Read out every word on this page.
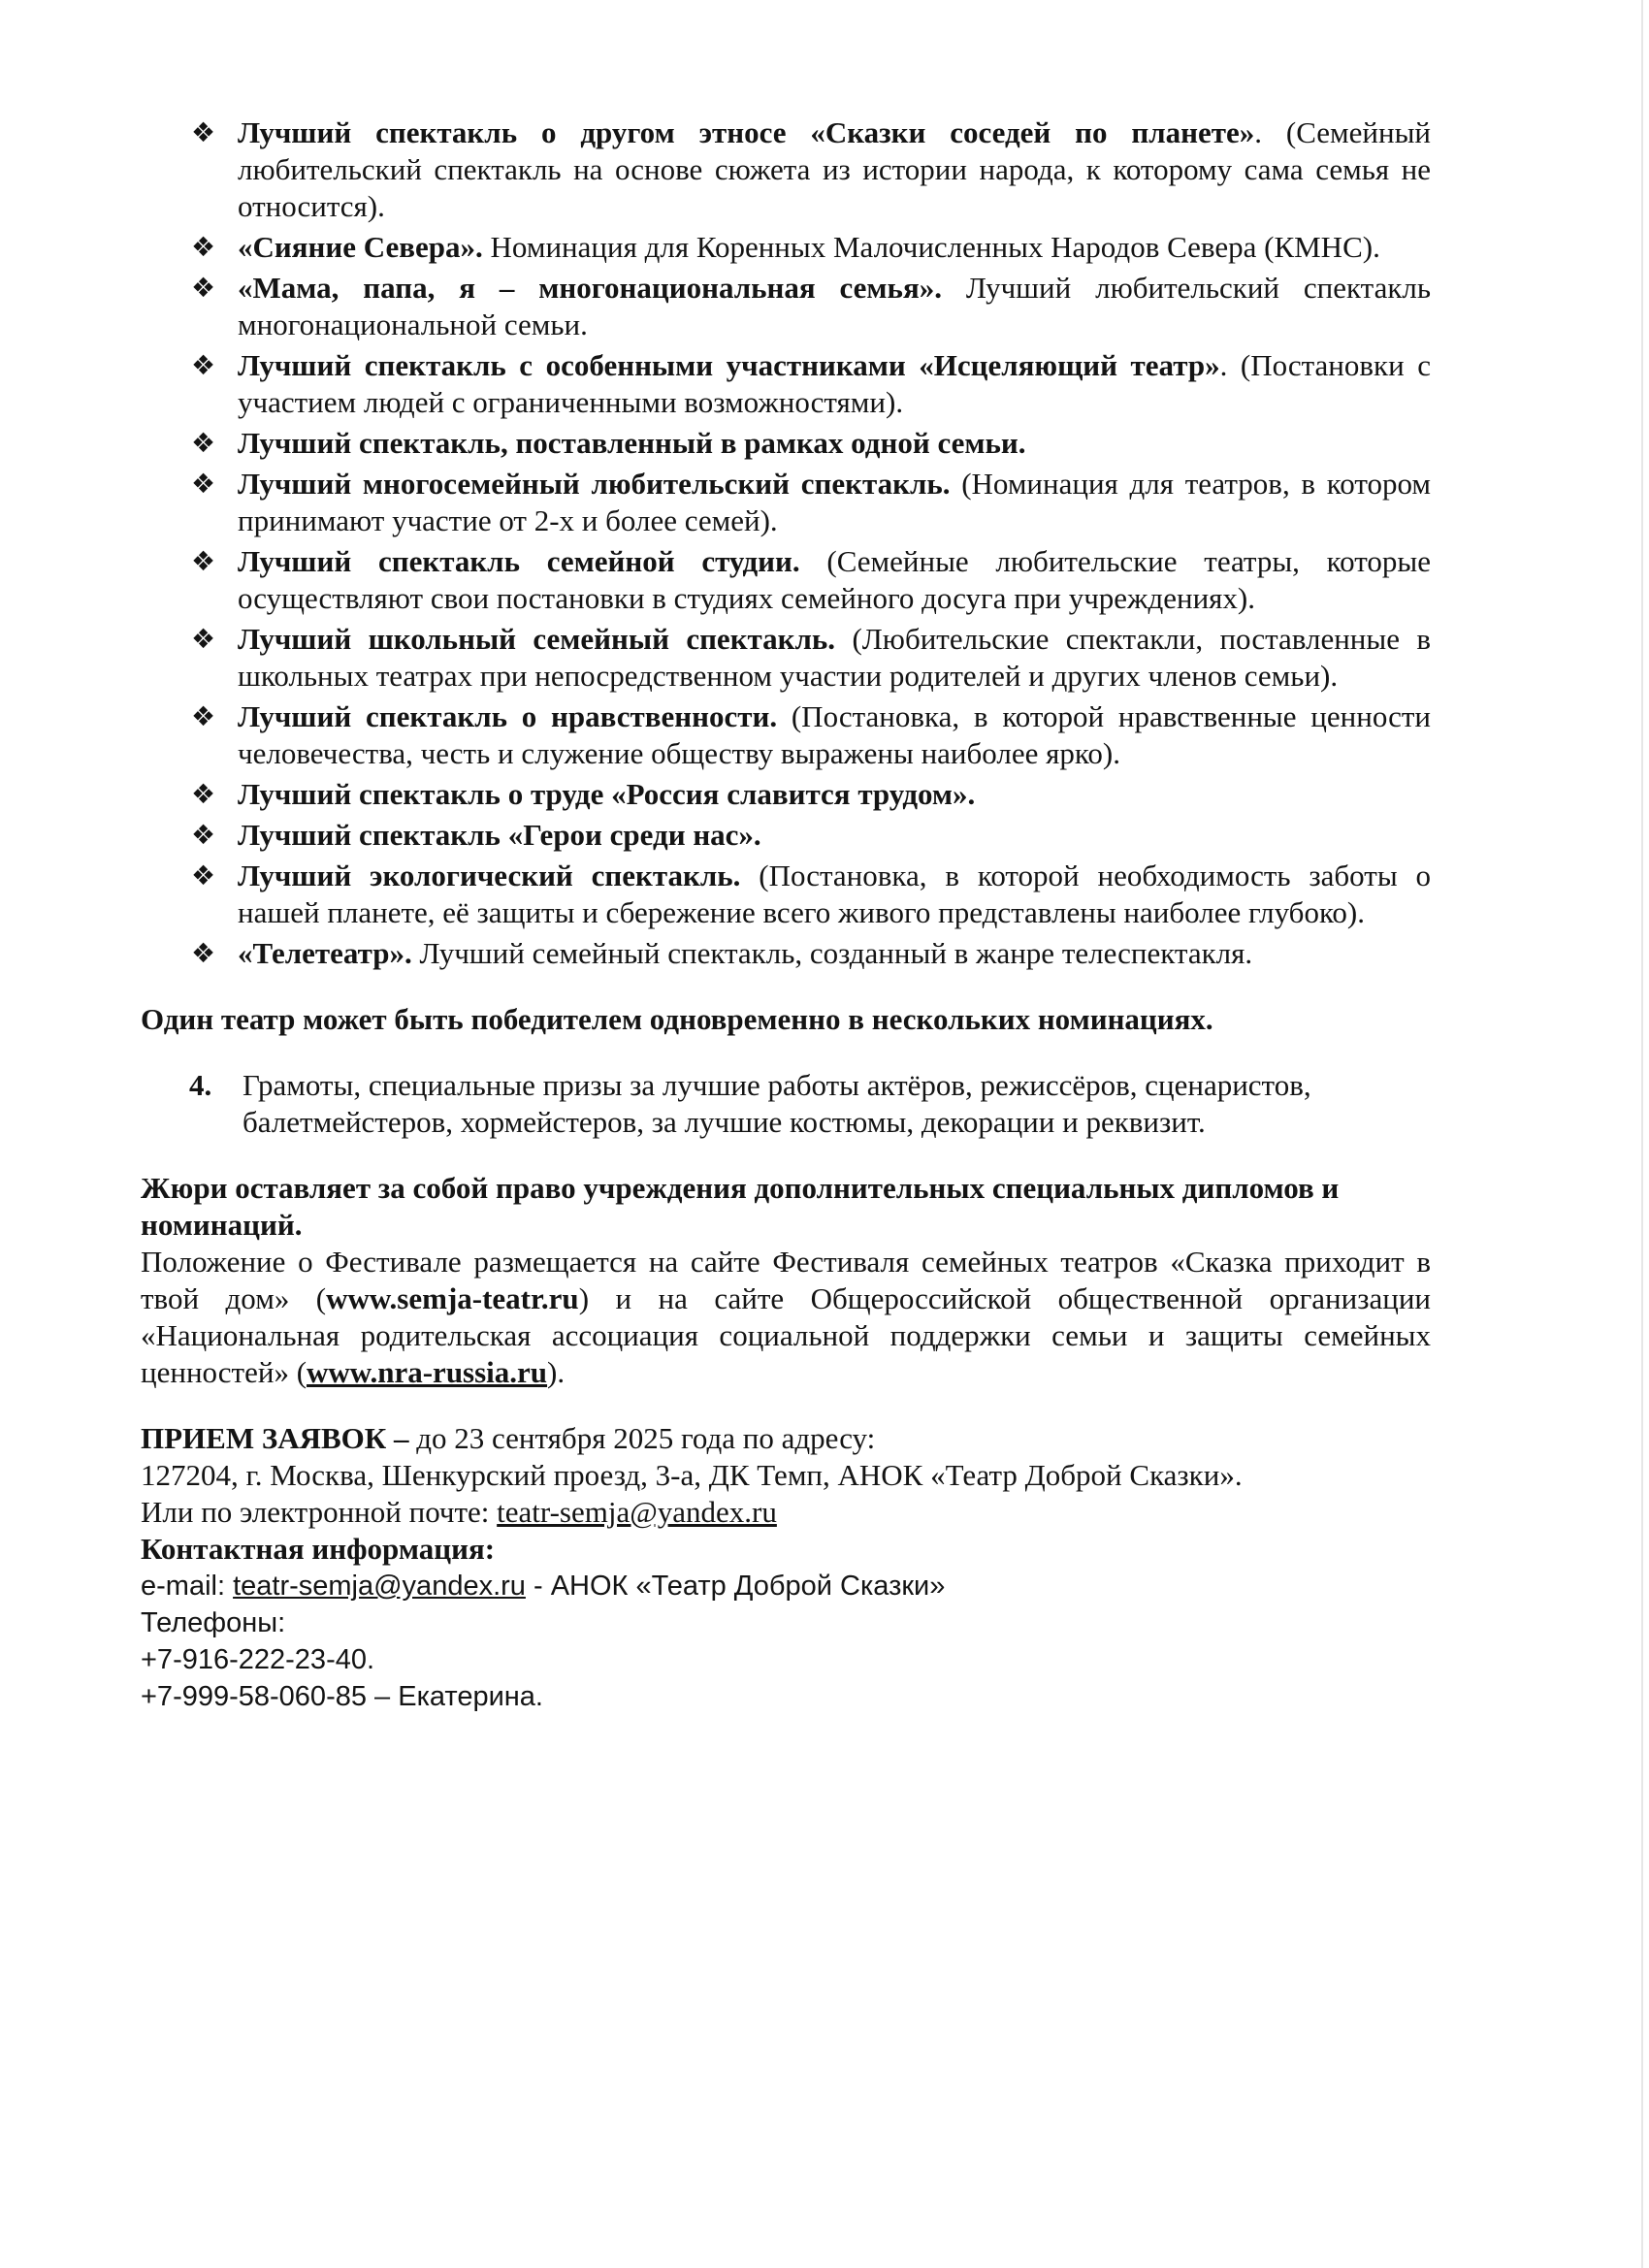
❖ Лучший спектакль о другом этносе «Сказки соседей по планете». (Семейный любительский спектакль на основе сюжета из истории народа, к которому сама семья не относится).
❖ «Сияние Севера». Номинация для Коренных Малочисленных Народов Севера (КМНС).
❖ «Мама, папа, я – многонациональная семья». Лучший любительский спектакль многонациональной семьи.
❖ Лучший спектакль с особенными участниками «Исцеляющий театр». (Постановки с участием людей с ограниченными возможностями).
❖ Лучший спектакль, поставленный в рамках одной семьи.
❖ Лучший многосемейный любительский спектакль. (Номинация для театров, в котором принимают участие от 2-х и более семей).
❖ Лучший спектакль семейной студии. (Семейные любительские театры, которые осуществляют свои постановки в студиях семейного досуга при учреждениях).
❖ Лучший школьный семейный спектакль. (Любительские спектакли, поставленные в школьных театрах при непосредственном участии родителей и других членов семьи).
❖ Лучший спектакль о нравственности. (Постановка, в которой нравственные ценности человечества, честь и служение обществу выражены наиболее ярко).
❖ Лучший спектакль о труде «Россия славится трудом».
❖ Лучший спектакль «Герои среди нас».
❖ Лучший экологический спектакль. (Постановка, в которой необходимость заботы о нашей планете, её защиты и сбережение всего живого представлены наиболее глубоко).
❖ «Телетеатр». Лучший семейный спектакль, созданный в жанре телеспектакля.
Один театр может быть победителем одновременно в нескольких номинациях.
4. Грамоты, специальные призы за лучшие работы актёров, режиссёров, сценаристов, балетмейстеров, хормейстеров, за лучшие костюмы, декорации и реквизит.
Жюри оставляет за собой право учреждения дополнительных специальных дипломов и номинаций.
Положение о Фестивале размещается на сайте Фестиваля семейных театров «Сказка приходит в твой дом» (www.semja-teatr.ru) и на сайте Общероссийской общественной организации «Национальная родительская ассоциация социальной поддержки семьи и защиты семейных ценностей» (www.nra-russia.ru).
ПРИЕМ ЗАЯВОК – до 23 сентября 2025 года по адресу:
127204, г. Москва, Шенкурский проезд, 3-а, ДК Темп, АНОК «Театр Доброй Сказки».
Или по электронной почте: teatr-semja@yandex.ru
Контактная информация:
e-mail: teatr-semja@yandex.ru - АНОК «Театр Доброй Сказки»
Телефоны:
+7-916-222-23-40.
+7-999-58-060-85 – Екатерина.
